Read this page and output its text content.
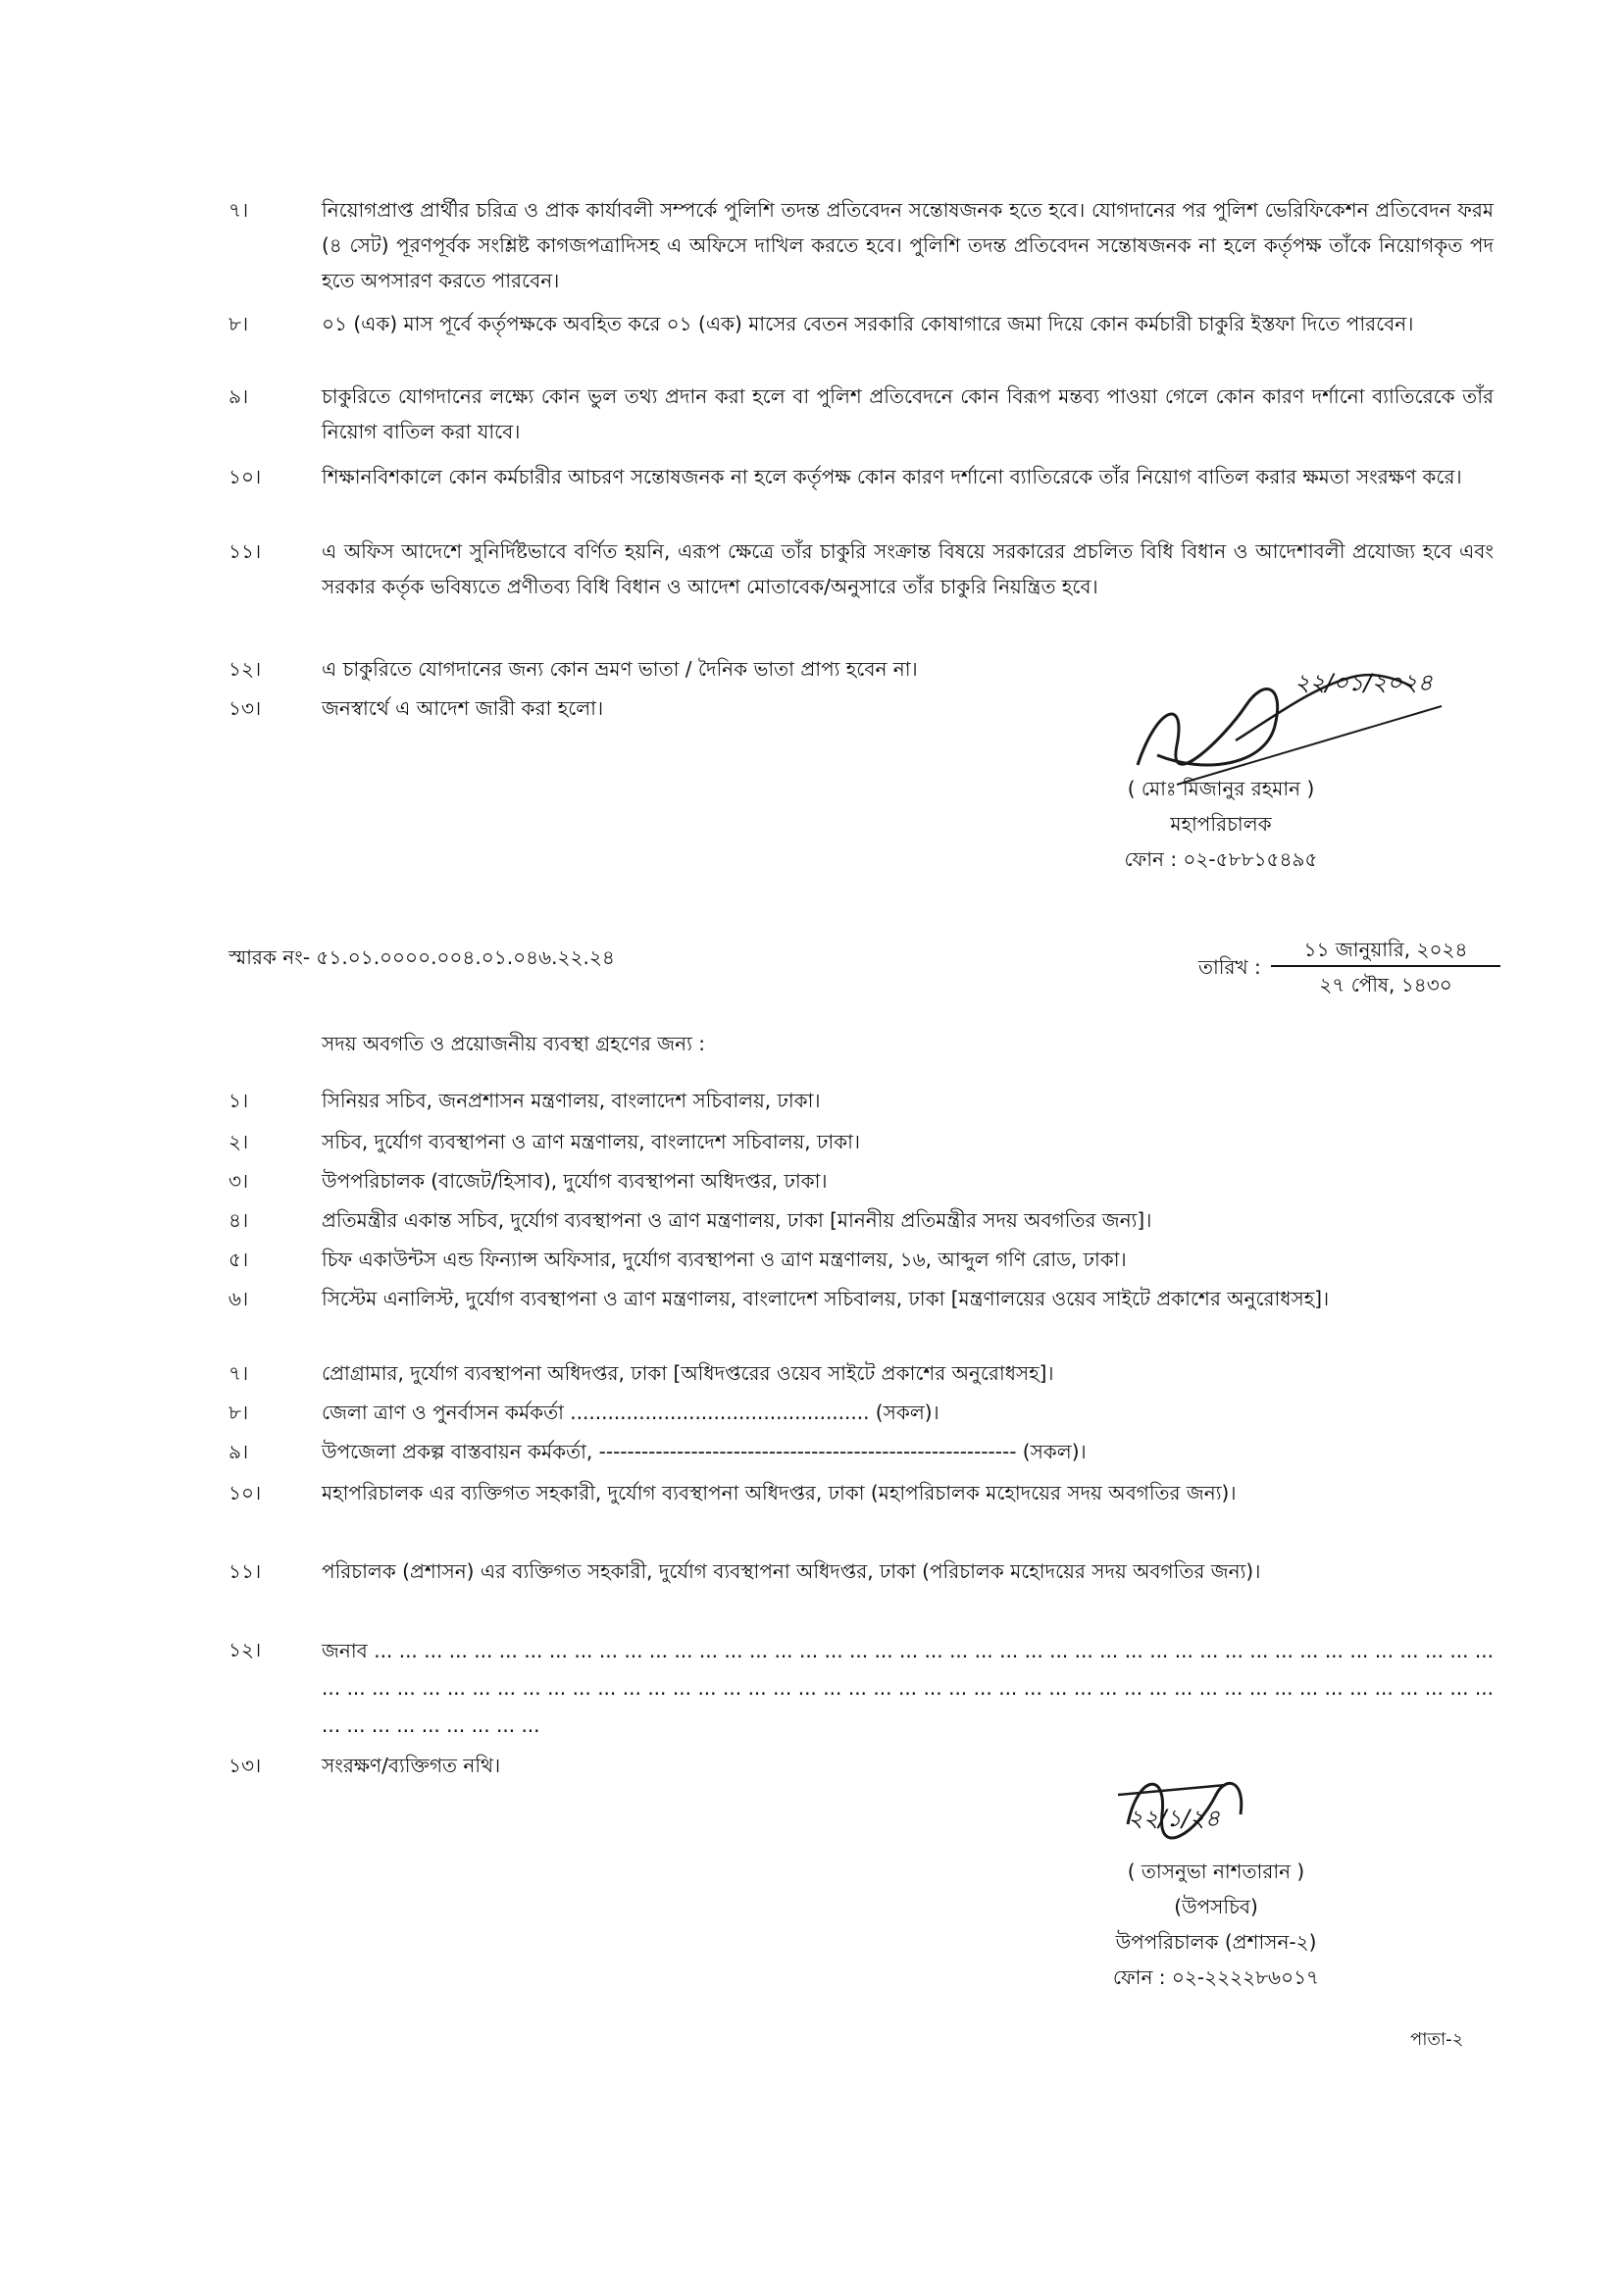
৭।	নিয়োগপ্রাপ্ত প্রার্থীর চরিত্র ও প্রাক কার্যাবলী সম্পর্কে পুলিশি তদন্ত প্রতিবেদন সন্তোষজনক হতে হবে। যোগদানের পর পুলিশ ভেরিফিকেশন প্রতিবেদন ফরম (৪ সেট) পূরণপূর্বক সংশ্লিষ্ট কাগজপত্রাদিসহ এ অফিসে দাখিল করতে হবে। পুলিশি তদন্ত প্রতিবেদন সন্তোষজনক না হলে কর্তৃপক্ষ তাঁকে নিয়োগকৃত পদ হতে অপসারণ করতে পারবেন।
৮।	০১ (এক) মাস পূর্বে কর্তৃপক্ষকে অবহিত করে ০১ (এক) মাসের বেতন সরকারি কোষাগারে জমা দিয়ে কোন কর্মচারী চাকুরি ইস্তফা দিতে পারবেন।
৯।	চাকুরিতে যোগদানের লক্ষ্যে কোন ভুল তথ্য প্রদান করা হলে বা পুলিশ প্রতিবেদনে কোন বিরূপ মন্তব্য পাওয়া গেলে কোন কারণ দর্শানো ব্যাতিরেকে তাঁর নিয়োগ বাতিল করা যাবে।
১০।	শিক্ষানবিশকালে কোন কর্মচারীর আচরণ সন্তোষজনক না হলে কর্তৃপক্ষ কোন কারণ দর্শানো ব্যাতিরেকে তাঁর নিয়োগ বাতিল করার ক্ষমতা সংরক্ষণ করে।
১১।	এ অফিস আদেশে সুনির্দিষ্টভাবে বর্ণিত হয়নি, এরূপ ক্ষেত্রে তাঁর চাকুরি সংক্রান্ত বিষয়ে সরকারের প্রচলিত বিধি বিধান ও আদেশাবলী প্রযোজ্য হবে এবং সরকার কর্তৃক ভবিষ্যতে প্রণীতব্য বিধি বিধান ও আদেশ মোতাবেক/অনুসারে তাঁর চাকুরি নিয়ন্ত্রিত হবে।
১২।	এ চাকুরিতে যোগদানের জন্য কোন ভ্রমণ ভাতা / দৈনিক ভাতা প্রাপ্য হবেন না।
১৩।	জনস্বার্থে এ আদেশ জারী করা হলো।
২২/০১/২০২৪
( মোঃ মিজানুর রহমান )
মহাপরিচালক
ফোন : ০২-৫৮৮১৫৪৯৫
স্মারক নং- ৫১.০১.০০০০.০০৪.০১.০৪৬.২২.২৪	তারিখ :
১১ জানুয়ারি, ২০২৪
২৭ পৌষ, ১৪৩০
সদয় অবগতি ও প্রয়োজনীয় ব্যবস্থা গ্রহণের জন্য :
১।	সিনিয়র সচিব, জনপ্রশাসন মন্ত্রণালয়, বাংলাদেশ সচিবালয়, ঢাকা।
২।	সচিব, দুর্যোগ ব্যবস্থাপনা ও ত্রাণ মন্ত্রণালয়, বাংলাদেশ সচিবালয়, ঢাকা।
৩।	উপপরিচালক (বাজেট/হিসাব), দুর্যোগ ব্যবস্থাপনা অধিদপ্তর, ঢাকা।
৪।	প্রতিমন্ত্রীর একান্ত সচিব, দুর্যোগ ব্যবস্থাপনা ও ত্রাণ মন্ত্রণালয়, ঢাকা [মাননীয় প্রতিমন্ত্রীর সদয় অবগতির জন্য]।
৫।	চিফ একাউন্টস এন্ড ফিন্যান্স অফিসার, দুর্যোগ ব্যবস্থাপনা ও ত্রাণ মন্ত্রণালয়, ১৬, আব্দুল গণি রোড, ঢাকা।
৬।	সিস্টেম এনালিস্ট, দুর্যোগ ব্যবস্থাপনা ও ত্রাণ মন্ত্রণালয়, বাংলাদেশ সচিবালয়, ঢাকা [মন্ত্রণালয়ের ওয়েব সাইটে প্রকাশের অনুরোধসহ]।
৭।	প্রোগ্রামার, দুর্যোগ ব্যবস্থাপনা অধিদপ্তর, ঢাকা [অধিদপ্তরের ওয়েব সাইটে প্রকাশের অনুরোধসহ]।
৮।	জেলা ত্রাণ ও পুনর্বাসন কর্মকর্তা ................................................ (সকল)।
৯।	উপজেলা প্রকল্প বাস্তবায়ন কর্মকর্তা, ----------------------------------------------------------- (সকল)।
১০।	মহাপরিচালক এর ব্যক্তিগত সহকারী, দুর্যোগ ব্যবস্থাপনা অধিদপ্তর, ঢাকা (মহাপরিচালক মহোদয়ের সদয় অবগতির জন্য)।
১১।	পরিচালক (প্রশাসন) এর ব্যক্তিগত সহকারী, দুর্যোগ ব্যবস্থাপনা অধিদপ্তর, ঢাকা (পরিচালক মহোদয়ের সদয় অবগতির জন্য)।
১২।	জনাব ... ... ... ... ... ... ... ... ... ... ... ... ... ... ... ... ... ... ... ... ... ... ... ... ... ... ... ... ... ... ... ... ... ... ... ... ... ... ... ... ... ... ... ... ... ... ... ... ... ... ... ... ... ... ... ... ... ... ... ... ... ... ... ... ... ... ... ... ... ... ... ... ... ... ... ... ... ... ... ... ... ... ... ... ... ... ... ... ... ... ... ... ... ... ... ... ... ... ... ... ...
১৩।	সংরক্ষণ/ব্যক্তিগত নথি।
২২/১/২৪
( তাসনুভা নাশতারান )
(উপসচিব)
উপপরিচালক (প্রশাসন-২)
ফোন : ০২-২২২২৮৬০১৭
পাতা-২
